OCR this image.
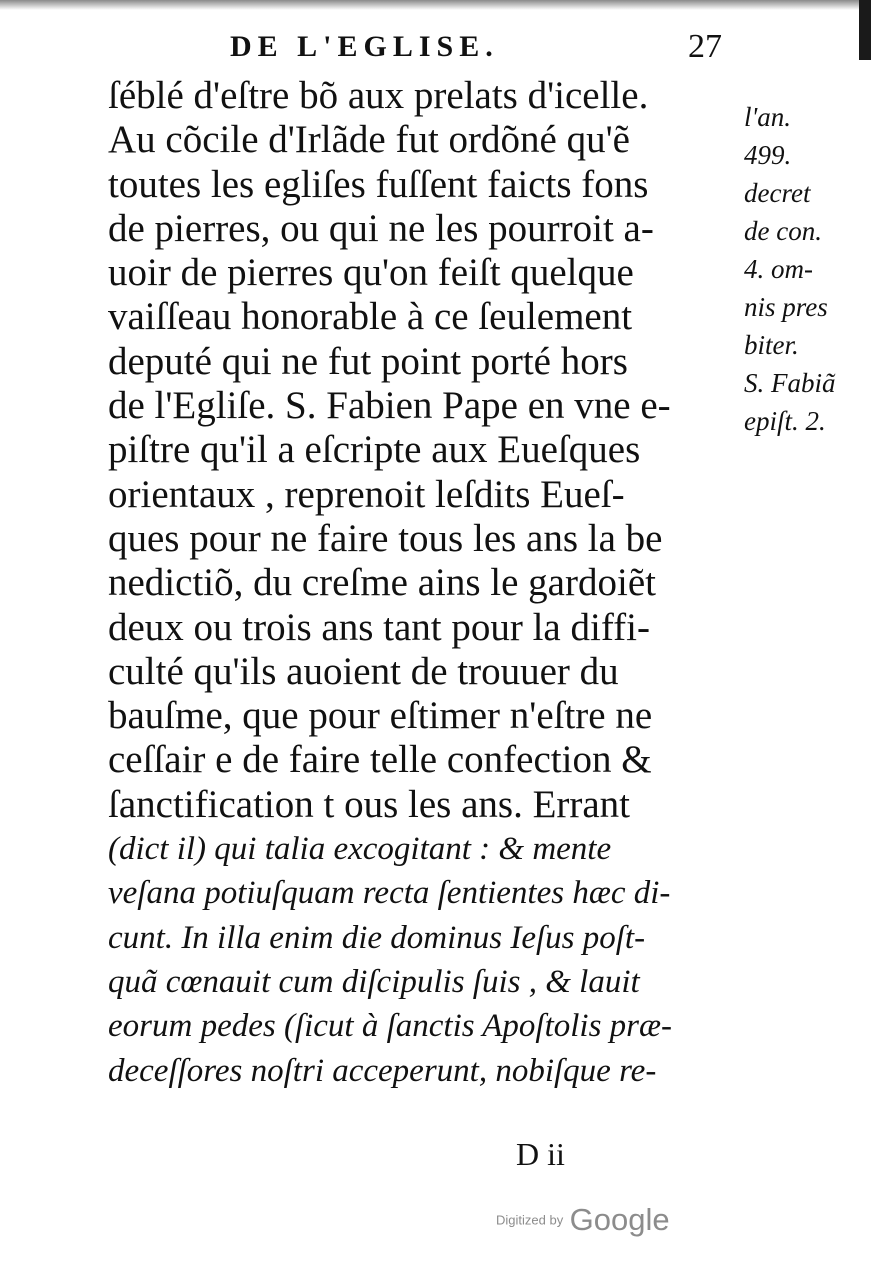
DE L'EGLISE.	27
ſéblé d'eſtre bõ aux prelats d'icelle.
Au cõcile d'Irlãde fut ordõné qu'ẽ
toutes les egliſes fuſſent faicts fons
de pierres, ou qui ne les pourroit a-
uoir de pierres qu'on feiſt quelque
vaiſſeau honorable à ce ſeulement
deputé qui ne fut point porté hors
de l'Egliſe. S. Fabien Pape en vne e-
piſtre qu'il a eſcripte aux Eueſques
orientaux , reprenoit leſdits Eueſ-
ques pour ne faire tous les ans la be
nedictiõ, du creſme ains le gardoiẽt
deux ou trois ans tant pour la diffi-
culté qu'ils auoient de trouuer du
bauſme, que pour eſtimer n'eſtre ne
ceſſair e de faire telle confection &
ſanctification t ous les ans. Errant
(dict il) qui talia excogitant : & mente
veſana potiuſquam recta ſentientes hæc di-
cunt. In illa enim die dominus Ieſus poſt-
quã cœnauit cum diſcipulis ſuis , & lauit
eorum pedes (ſicut à ſanctis Apoſtolis præ-
deceſſores noſtri acceperunt, nobiſque re-
l'an.
499.
decret
de con.
4. om-
nis pres
biter.
S. Fabiã
epiſt. 2.
D ii
Digitized by Google
